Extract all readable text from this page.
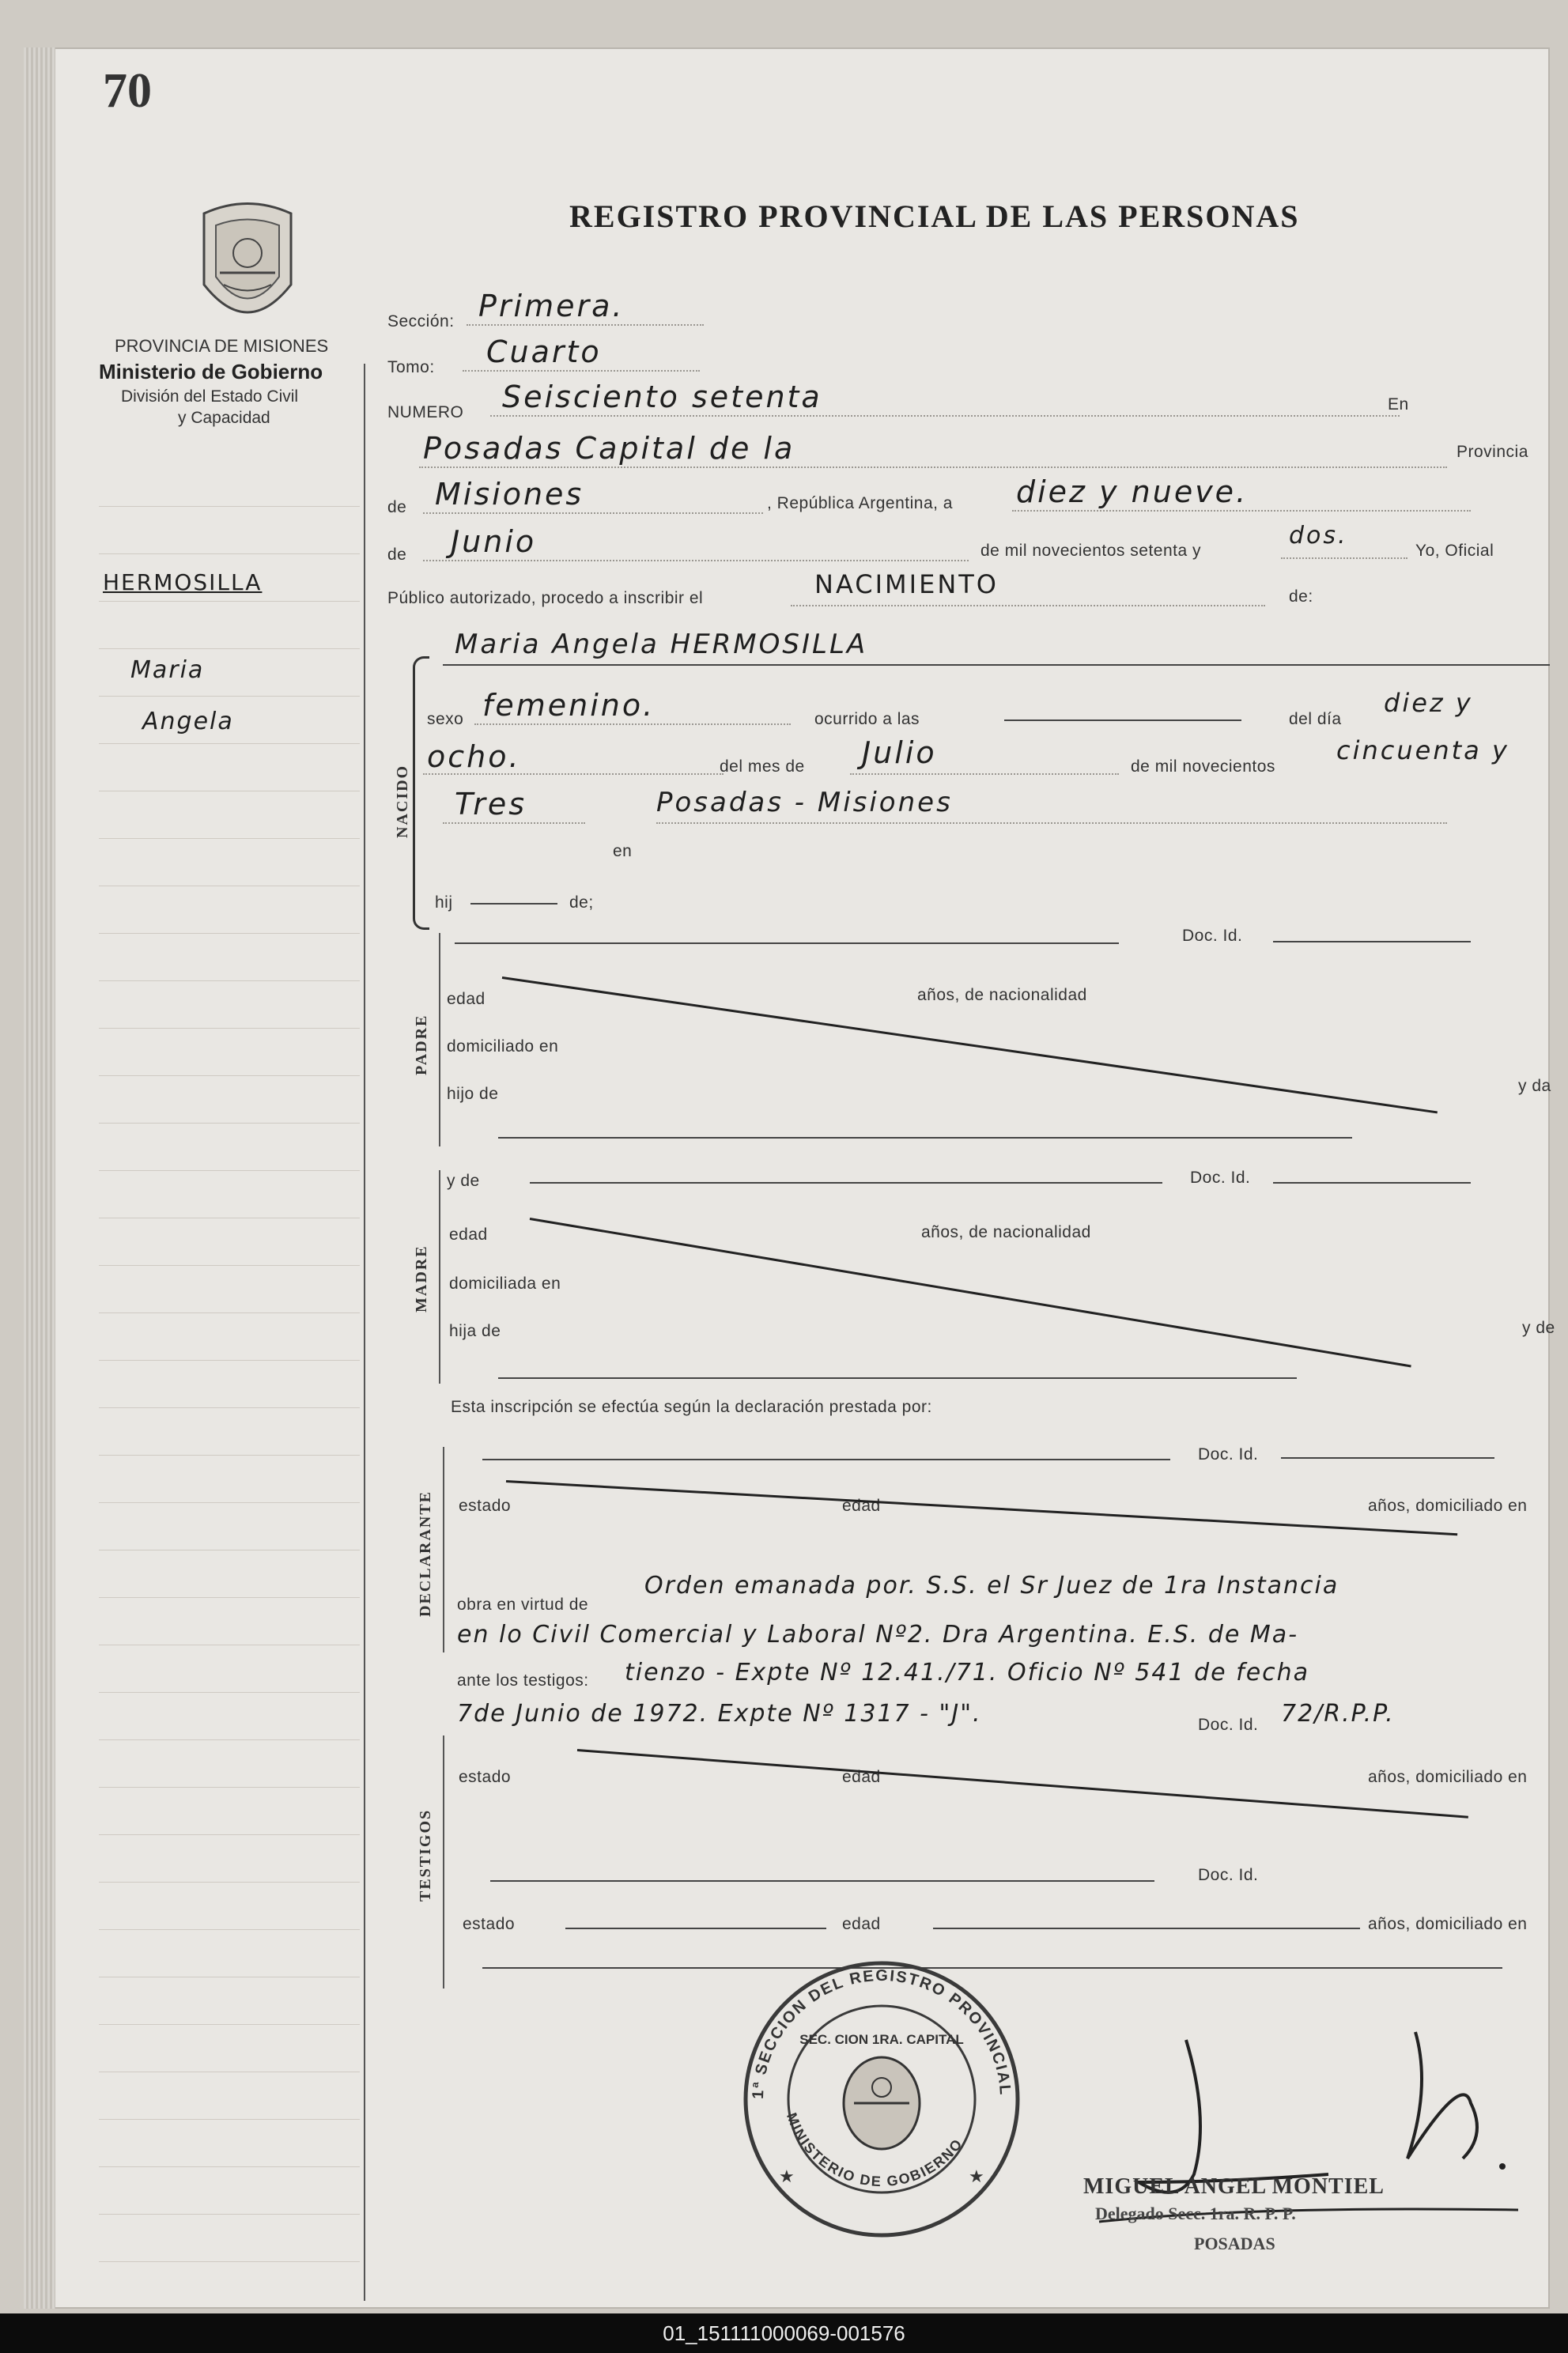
70
REGISTRO PROVINCIAL DE LAS PERSONAS
PROVINCIA DE MISIONES
Ministerio de Gobierno
División del Estado Civil
y Capacidad
HERMOSILLA
Maria
Angela
Sección: Primera.
Tomo: Cuarto
NUMERO Seisciento setenta	En
Posadas Capital de la	Provincia
de Misiones	, República Argentina, a diez y nueve.
de Junio	de mil novecientos setenta y
dos.
Yo, Oficial
Público autorizado, procedo a inscribir el	NACIMIENTO	de:
NACIDO
Maria Angela HERMOSILLA
sexo femenino.	ocurrido a las	del día
diez y
ocho.	del mes de Julio	de mil novecientos
cincuenta y
Tres
en
Posadas - Misiones
hij	de;
Doc. Id.
PADRE
edad	años, de nacionalidad
domiciliado en
hijo de	y da
y de	Doc. Id.
MADRE
edad	años, de nacionalidad
domiciliada en
hija de	y de
Esta inscripción se efectúa según la declaración prestada por:
Doc. Id.
DECLARANTE estado	edad	años, domiciliado en
obra en virtud de
Orden emanada por. S.S. el Sr Juez de 1ra Instancia
en lo Civil Comercial y Laboral Nº2. Dra Argentina. E.S. de Ma-
ante los testigos: tienzo - Expte Nº 12.41./71. Oficio Nº 541 de fecha
7de Junio de 1972. Expte Nº 1317 - "J".	Doc. Id. 72/R.P.P.
TESTIGOS
estado	edad	años, domiciliado en
Doc. Id.
estado	edad	años, domiciliado en
1ª SECCION DEL REGISTRO PROVINCIAL
MINISTERIO DE GOBIERNO
SEC. CION 1RA. CAPITAL
★	★	MIGUEL ANGEL MONTIEL
Delegado Secc. 1ra. R. P. P.
POSADAS
01_151111000069-001576
